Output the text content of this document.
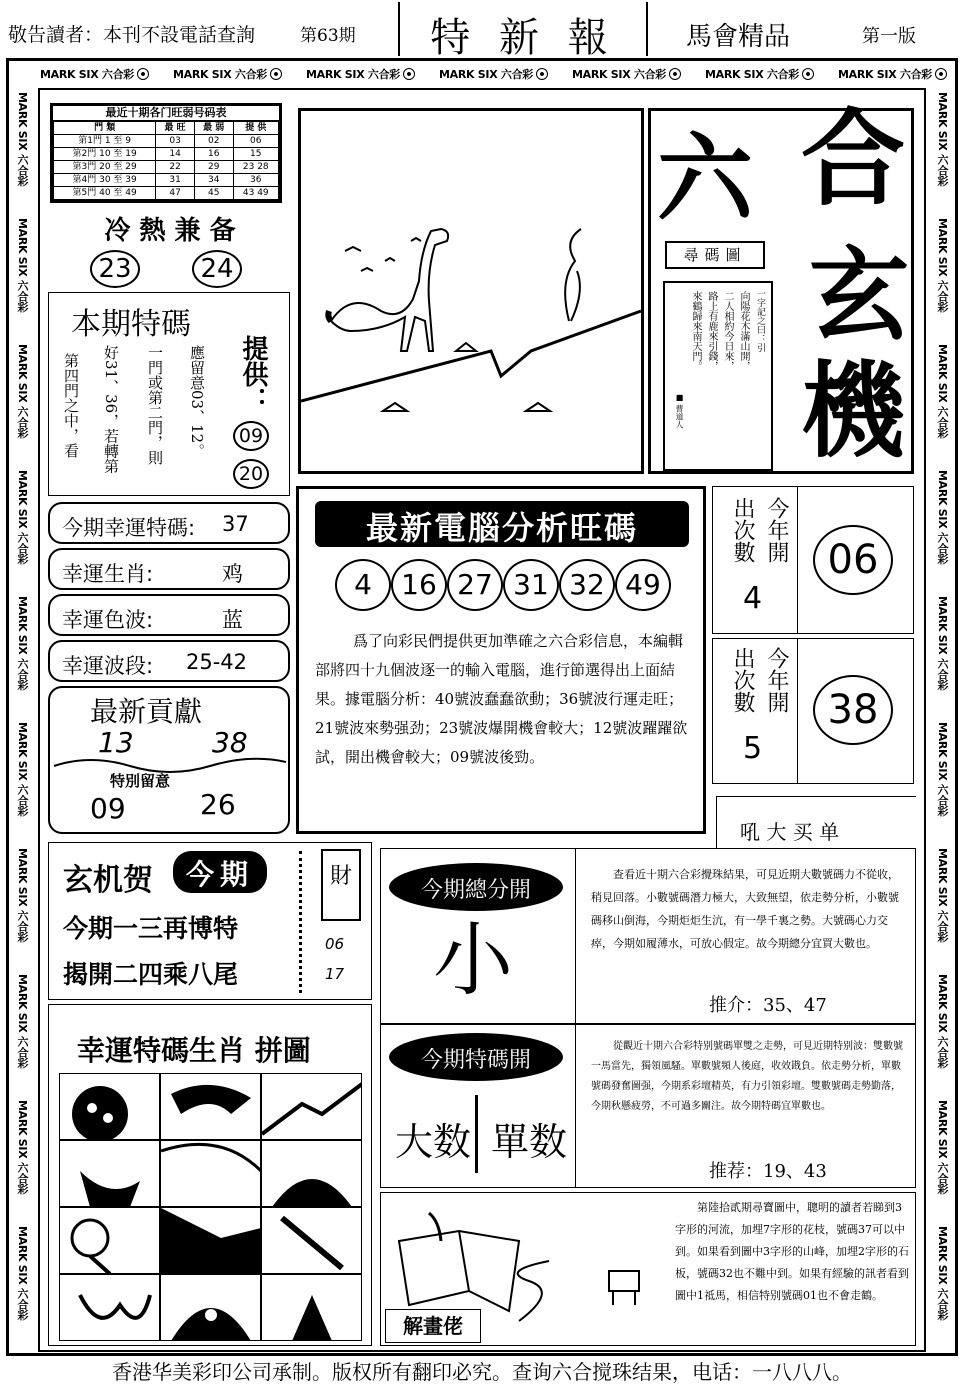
敬告讀者：本刊不設電話查詢	第63期	特 新 報	馬會精品	第一版
MARK SIX 六合彩	MARK SIX 六合彩	MARK SIX 六合彩	MARK SIX 六合彩	MARK SIX 六合彩	MARK SIX 六合彩	MARK SIX 六合彩
MARK SIX 六合彩
MARK SIX 六合彩
MARK SIX 六合彩
MARK SIX 六合彩
MARK SIX 六合彩
MARK SIX 六合彩
MARK SIX 六合彩
MARK SIX 六合彩
MARK SIX 六合彩
MARK SIX 六合彩
MARK SIX 六合彩
MARK SIX 六合彩
MARK SIX 六合彩
MARK SIX 六合彩
MARK SIX 六合彩
MARK SIX 六合彩
MARK SIX 六合彩
MARK SIX 六合彩
MARK SIX 六合彩
MARK SIX 六合彩
最近十期各门旺弱号码表
門 類	最 旺	最 弱	提 供
第1門 1 至 9	03	02	06
第2門 10 至 19	14	16	15
第3門 20 至 29	22	29	23 28
第4門 30 至 39	31	34	36
第5門 40 至 49	47	45	43 49
冷 熱 兼 备
23	24
本期特碼
第四門之中，看 好31、36，若轉第 一門或第二門，則 應留意03、12。 提供：
09
20
今期幸運特碼: 37
幸運生肖:	鸡
幸運色波:	蓝
幸運波段: 25-42
最新貢獻
13	38
特別留意
09	26
六 合
玄
機
尋碼圖
一字記之曰：引
向陽花木滿山開，
二人相約今日來，
路上有鹿來引錢，
來鶴歸來南天門。
■ 曹道人
最新電腦分析旺碼
4	16 27 31 32 49
爲了向彩民們提供更加準確之六合彩信息，本編輯部將四十九個波逐一的輸入電腦，進行節選得出上面結果。據電腦分析：40號波蠢蠢欲動；36號波行運走旺；21號波來勢强劲；23號波爆開機會較大；12號波躍躍欲試，開出機會較大；09號波後勁。
出次數 今年開
4
06
出次數 今年開
5
38
吼 大 买 单
玄机贺	今期
今期一三再博特
揭開二四乘八尾
財
06
17
今期總分開
小
查看近十期六合彩攪珠結果，可見近期大數號碼力不從收，稍見回落。小數號碼潛力極大，大致無望，依走勢分析，小數號碼移山倒海，今期炬炬生沆，有一學千裏之勢。大號碼心力交瘁，今期如履薄水，可放心假定。故今期總分宜買大數也。
推介：35、47
今期特碼開
大数 單数
從觀近十期六合彩特别號碼單雙之走勢，可見近期特别波：雙數號一馬當先，獨領風騷。單數號頻人後庭，收效戡負。依走勢分析，單數號碼發奮圖强，今期系彩壇精英，有力引領彩壇。雙數號碼走勢勤落，今期秋懸疲勞，不可過多關注。故今期特碼宜單數也。
推荐：19、43
幸運特碼生肖 拼圖
解畫佬
第陸拾貳期尋寶圖中，聰明的讀者若睇到3字形的河流，加埋7字形的花枝，號碼37可以中到。如果看到圖中3字形的山峰，加埋2字形的石板，號碼32也不難中到。如果有經驗的訊者看到圖中1祗馬，相信特别號碼01也不會走鶴。
香港华美彩印公司承制。版权所有翻印必究。查询六合搅珠结果，电话：一八八八。
